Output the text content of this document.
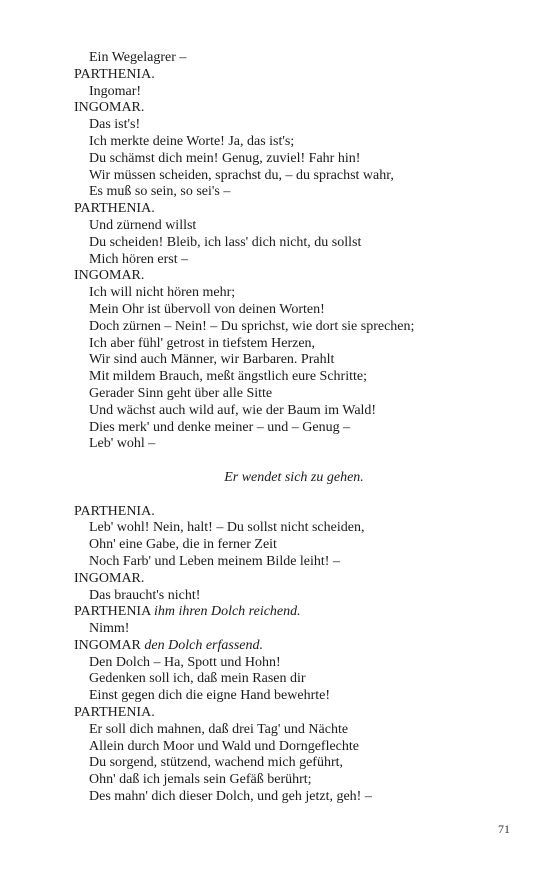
Ein Wegelagrer –
PARTHENIA.
Ingomar!
INGOMAR.
Das ist's!
Ich merkte deine Worte! Ja, das ist's;
Du schämst dich mein! Genug, zuviel! Fahr hin!
Wir müssen scheiden, sprachst du, – du sprachst wahr,
Es muß so sein, so sei's –
PARTHENIA.
Und zürnend willst
Du scheiden! Bleib, ich lass' dich nicht, du sollst
Mich hören erst –
INGOMAR.
Ich will nicht hören mehr;
Mein Ohr ist übervoll von deinen Worten!
Doch zürnen – Nein! – Du sprichst, wie dort sie sprechen;
Ich aber fühl' getrost in tiefstem Herzen,
Wir sind auch Männer, wir Barbaren. Prahlt
Mit mildem Brauch, meßt ängstlich eure Schritte;
Gerader Sinn geht über alle Sitte
Und wächst auch wild auf, wie der Baum im Wald!
Dies merk' und denke meiner – und – Genug –
Leb' wohl –
Er wendet sich zu gehen.
PARTHENIA.
Leb' wohl! Nein, halt! – Du sollst nicht scheiden,
Ohn' eine Gabe, die in ferner Zeit
Noch Farb' und Leben meinem Bilde leiht! –
INGOMAR.
Das braucht's nicht!
PARTHENIA ihm ihren Dolch reichend.
Nimm!
INGOMAR den Dolch erfassend.
Den Dolch – Ha, Spott und Hohn!
Gedenken soll ich, daß mein Rasen dir
Einst gegen dich die eigne Hand bewehrte!
PARTHENIA.
Er soll dich mahnen, daß drei Tag' und Nächte
Allein durch Moor und Wald und Dorngeflechte
Du sorgend, stützend, wachend mich geführt,
Ohn' daß ich jemals sein Gefäß berührt;
Des mahn' dich dieser Dolch, und geh jetzt, geh! –
71
